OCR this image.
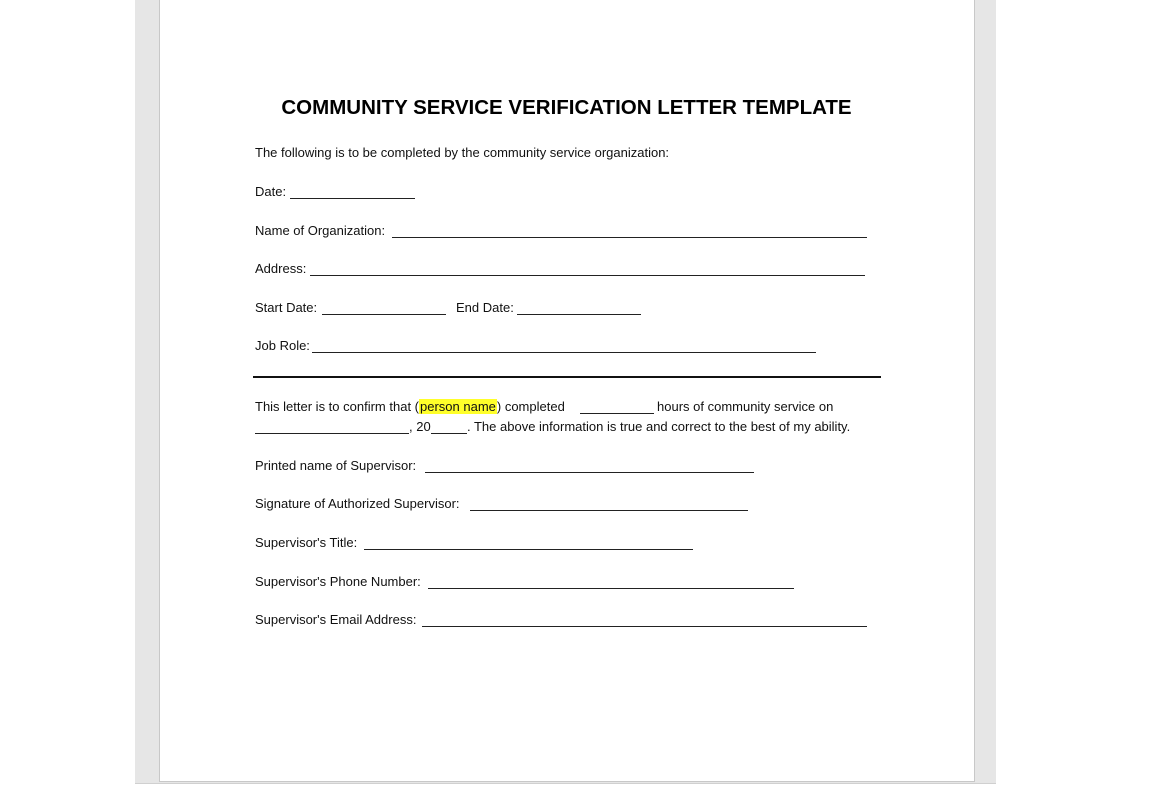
COMMUNITY SERVICE VERIFICATION LETTER TEMPLATE
The following is to be completed by the community service organization:
Date:
Name of Organization:
Address:
Start Date:	End Date:
Job Role:
This letter is to confirm that (person name) completed	hours of community service on
, 20	. The above information is true and correct to the best of my ability.
Printed name of Supervisor:
Signature of Authorized Supervisor:
Supervisor's Title:
Supervisor's Phone Number:
Supervisor's Email Address:
